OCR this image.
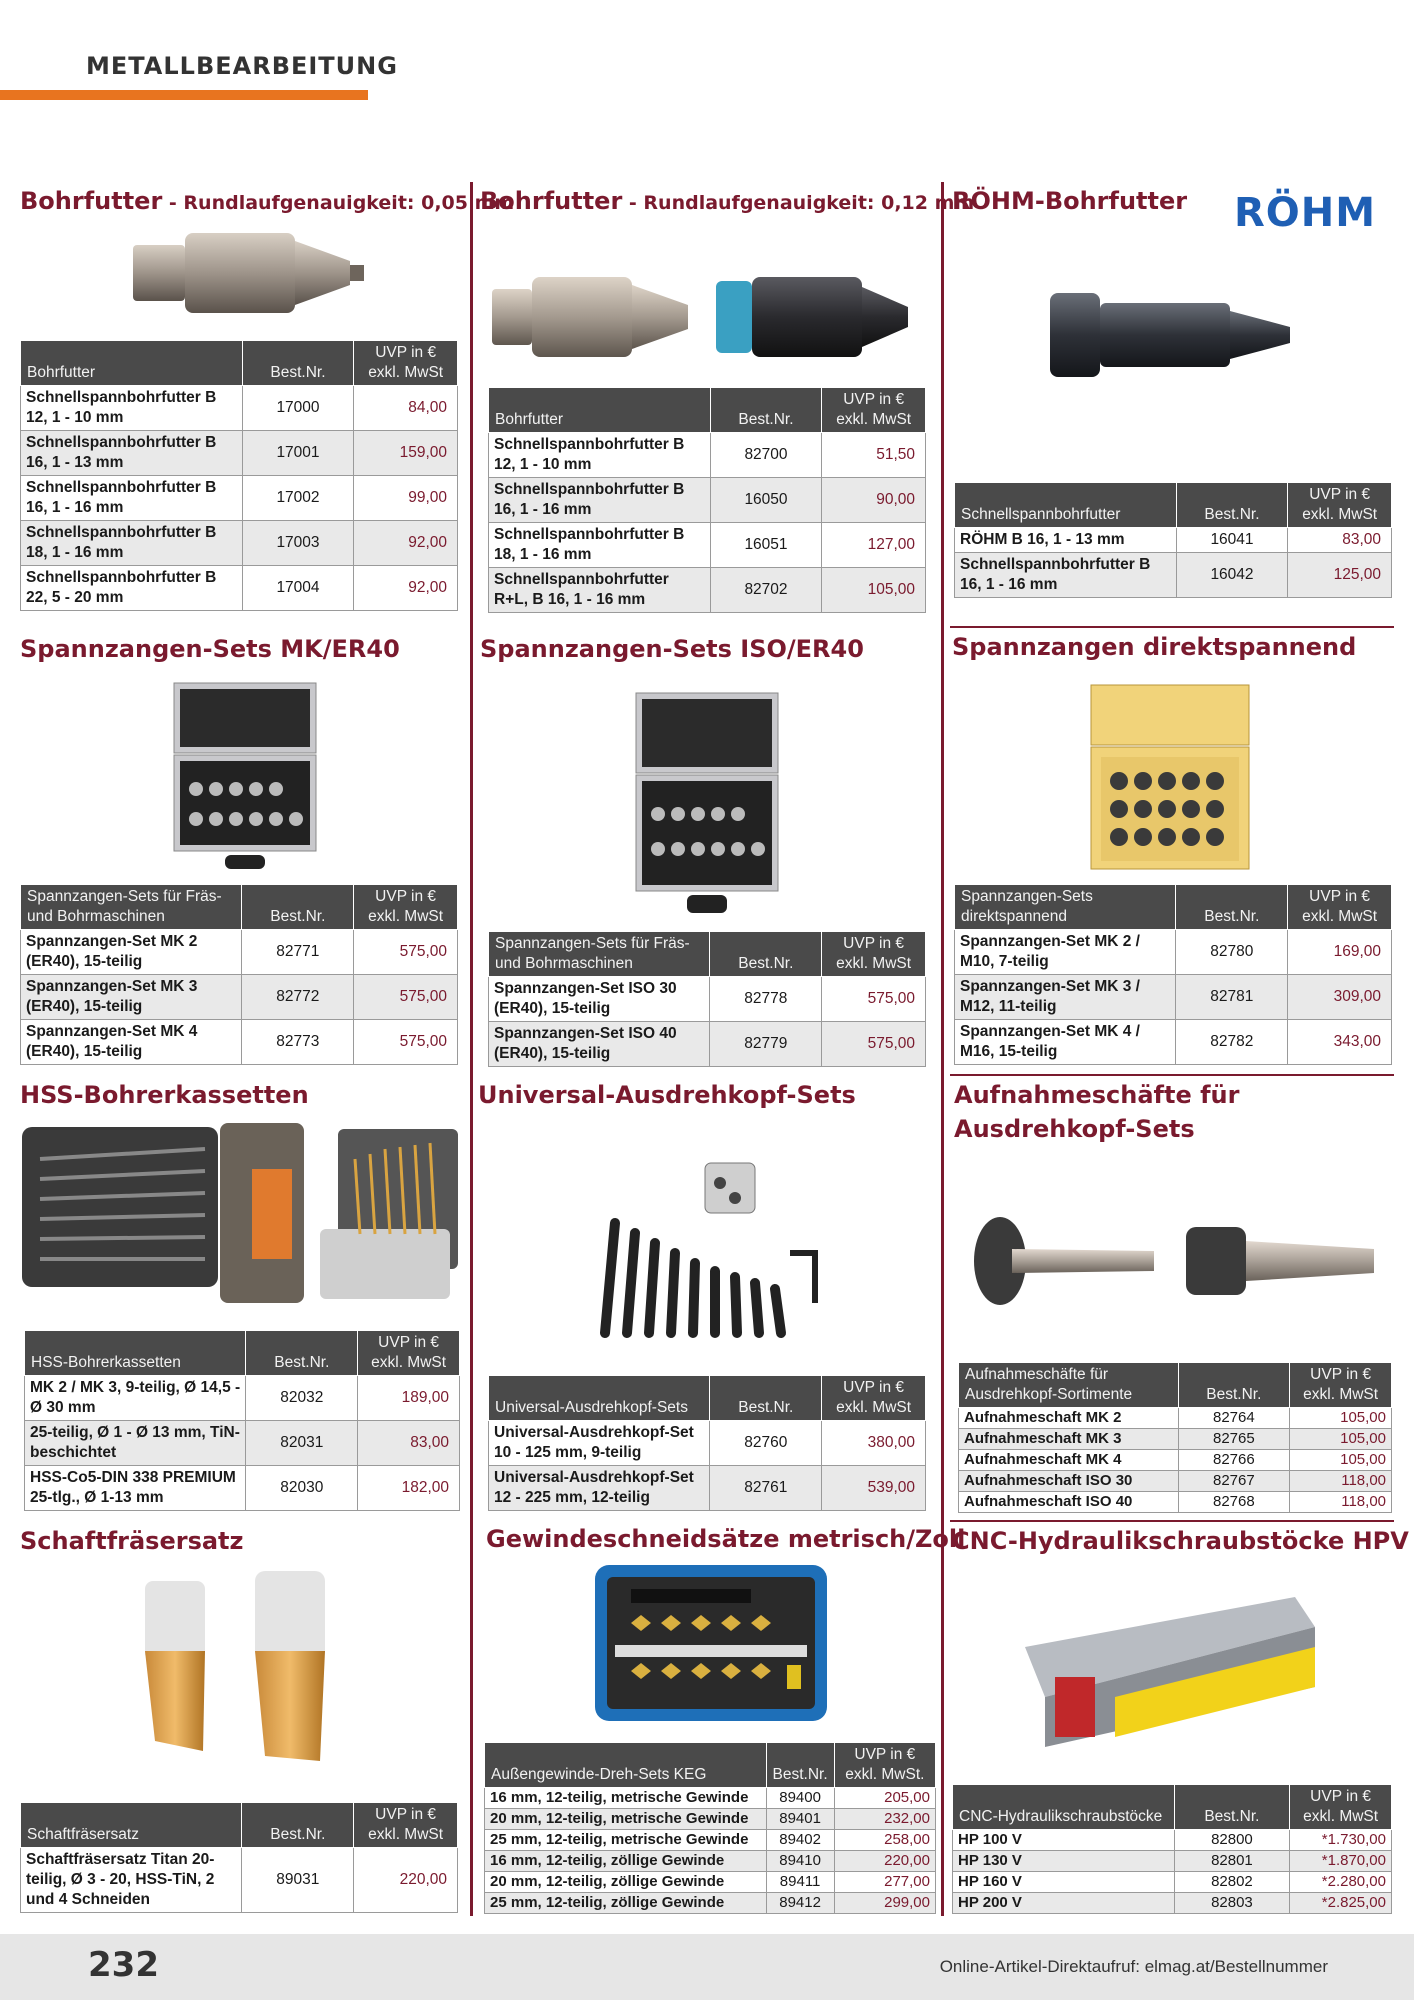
METALLBEARBEITUNG
Bohrfutter - Rundlaufgenauigkeit: 0,05 mm
Bohrfutter	Best.Nr.	UVP in € exkl. MwSt
Schnellspannbohrfutter B 12, 1 - 10 mm	17000	84,00
Schnellspannbohrfutter B 16, 1 - 13 mm	17001	159,00
Schnellspannbohrfutter B 16, 1 - 16 mm	17002	99,00
Schnellspannbohrfutter B 18, 1 - 16 mm	17003	92,00
Schnellspannbohrfutter B 22, 5 - 20 mm	17004	92,00
Bohrfutter - Rundlaufgenauigkeit: 0,12 mm
Bohrfutter	Best.Nr.	UVP in € exkl. MwSt
Schnellspannbohrfutter B 12, 1 - 10 mm	82700	51,50
Schnellspannbohrfutter B 16, 1 - 16 mm	16050	90,00
Schnellspannbohrfutter B 18, 1 - 16 mm	16051	127,00
Schnellspannbohrfutter R+L, B 16, 1 - 16 mm	82702	105,00
RÖHM-Bohrfutter RÖHM
Schnellspannbohrfutter	Best.Nr.	UVP in € exkl. MwSt
RÖHM B 16, 1 - 13 mm	16041	83,00
Schnellspannbohrfutter B 16, 1 - 16 mm	16042	125,00
Spannzangen-Sets MK/ER40
Spannzangen-Sets für Fräs- und Bohrmaschinen	Best.Nr.	UVP in € exkl. MwSt
Spannzangen-Set MK 2 (ER40), 15-teilig	82771	575,00
Spannzangen-Set MK 3 (ER40), 15-teilig	82772	575,00
Spannzangen-Set MK 4 (ER40), 15-teilig	82773	575,00
Spannzangen-Sets ISO/ER40
Spannzangen-Sets für Fräs- und Bohrmaschinen	Best.Nr.	UVP in € exkl. MwSt
Spannzangen-Set ISO 30 (ER40), 15-teilig	82778	575,00
Spannzangen-Set ISO 40 (ER40), 15-teilig	82779	575,00
Spannzangen direktspannend
Spannzangen-Sets direktspannend	Best.Nr.	UVP in € exkl. MwSt
Spannzangen-Set MK 2 / M10, 7-teilig	82780	169,00
Spannzangen-Set MK 3 / M12, 11-teilig	82781	309,00
Spannzangen-Set MK 4 / M16, 15-teilig	82782	343,00
HSS-Bohrerkassetten
HSS-Bohrerkassetten	Best.Nr.	UVP in € exkl. MwSt
MK 2 / MK 3, 9-teilig, Ø 14,5 - Ø 30 mm	82032	189,00
25-teilig, Ø 1 - Ø 13 mm, TiN-beschichtet	82031	83,00
HSS-Co5-DIN 338 PREMIUM 25-tlg., Ø 1-13 mm	82030	182,00
Universal-Ausdrehkopf-Sets
Universal-Ausdrehkopf-Sets	Best.Nr.	UVP in € exkl. MwSt
Universal-Ausdrehkopf-Set 10 - 125 mm, 9-teilig	82760	380,00
Universal-Ausdrehkopf-Set 12 - 225 mm, 12-teilig	82761	539,00
Aufnahmeschäfte für
Ausdrehkopf-Sets
Aufnahmeschäfte für Ausdrehkopf-Sortimente	Best.Nr.	UVP in € exkl. MwSt
Aufnahmeschaft MK 2	82764	105,00
Aufnahmeschaft MK 3	82765	105,00
Aufnahmeschaft MK 4	82766	105,00
Aufnahmeschaft ISO 30	82767	118,00
Aufnahmeschaft ISO 40	82768	118,00
Schaftfräsersatz
Schaftfräsersatz	Best.Nr.	UVP in € exkl. MwSt
Schaftfräsersatz Titan 20-teilig, Ø 3 - 20, HSS-TiN, 2 und 4 Schneiden	89031	220,00
Gewindeschneidsätze metrisch/Zoll
Außengewinde-Dreh-Sets KEG	Best.Nr.	UVP in € exkl. MwSt.
16 mm, 12-teilig, metrische Gewinde	89400	205,00
20 mm, 12-teilig, metrische Gewinde	89401	232,00
25 mm, 12-teilig, metrische Gewinde	89402	258,00
16 mm, 12-teilig, zöllige Gewinde	89410	220,00
20 mm, 12-teilig, zöllige Gewinde	89411	277,00
25 mm, 12-teilig, zöllige Gewinde	89412	299,00
CNC-Hydraulikschraubstöcke HPV
CNC-Hydraulikschraubstöcke	Best.Nr.	UVP in € exkl. MwSt
HP 100 V	82800	*1.730,00
HP 130 V	82801	*1.870,00
HP 160 V	82802	*2.280,00
HP 200 V	82803	*2.825,00
232	Online-Artikel-Direktaufruf: elmag.at/Bestellnummer
